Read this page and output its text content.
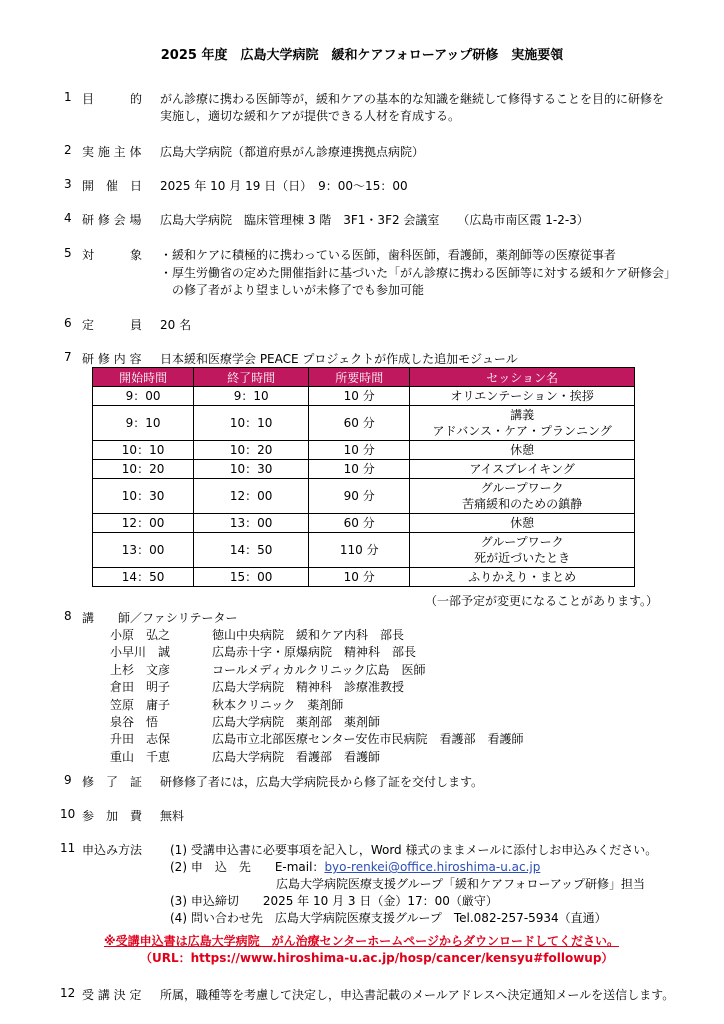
2025 年度　広島大学病院　緩和ケアフォローアップ研修　実施要領
1 目　　　的 がん診療に携わる医師等が，緩和ケアの基本的な知識を継続して修得することを目的に研修を
実施し，適切な緩和ケアが提供できる人材を育成する。
2 実 施 主 体 広島大学病院（都道府県がん診療連携拠点病院）
3 開　催　日 2025 年 10 月 19 日（日）　9：00～15：00
4 研 修 会 場 広島大学病院　臨床管理棟 3 階　3F1・3F2 会議室　　（広島市南区霞 1-2-3）
5 対　　　象 ・緩和ケアに積極的に携わっている医師，歯科医師，看護師，薬剤師等の医療従事者
・厚生労働省の定めた開催指針に基づいた「がん診療に携わる医師等に対する緩和ケア研修会」
の修了者がより望ましいが未修了でも参加可能
6 定　　　員 20 名
7 研 修 内 容 日本緩和医療学会 PEACE プロジェクトが作成した追加モジュール
開始時間	終了時間	所要時間	セッション名
9：00	9：10	10 分	オリエンテーション・挨拶

9：10	10：10	60 分	講義
アドバンス・ケア・プランニング

10：10	10：20	10 分	休憩

10：20	10：30	10 分	アイスブレイキング

10：30	12：00	90 分	グループワーク
苦痛緩和のための鎮静

12：00	13：00	60 分	休憩

13：00	14：50	110 分	グループワーク
死が近づいたとき

14：50	15：00	10 分	ふりかえり・まとめ
（一部予定が変更になることがあります。）
8 講　　師／ファシリテーター
小原　弘之	徳山中央病院　緩和ケア内科　部長
小早川　誠	広島赤十字・原爆病院　精神科　部長
上杉　文彦	コールメディカルクリニック広島　医師
倉田　明子	広島大学病院　精神科　診療准教授
笠原　庸子	秋本クリニック　薬剤師
泉谷　悟	広島大学病院　薬剤部　薬剤師
升田　志保	広島市立北部医療センター安佐市民病院　看護部　看護師
重山　千恵	広島大学病院　看護部　看護師
9 修　了　証 研修修了者には，広島大学病院長から修了証を交付します。
10 参　加　費 無料
11 申込み方法 (1) 受講申込書に必要事項を記入し，Word 様式のままメールに添付しお申込みください。
(2) 申　込　先　　E-mail：byo-renkei@office.hiroshima-u.ac.jp
広島大学病院医療支援グループ「緩和ケアフォローアップ研修」担当
(3) 申込締切　　2025 年 10 月 3 日（金）17：00（厳守）
(4) 問い合わせ先　広島大学病院医療支援グループ　Tel.082-257-5934（直通）
※受講申込書は広島大学病院　がん治療センターホームページからダウンロードしてください。
（URL：https://www.hiroshima-u.ac.jp/hosp/cancer/kensyu#followup）
12 受 講 決 定 所属，職種等を考慮して決定し，申込書記載のメールアドレスへ決定通知メールを送信します。
